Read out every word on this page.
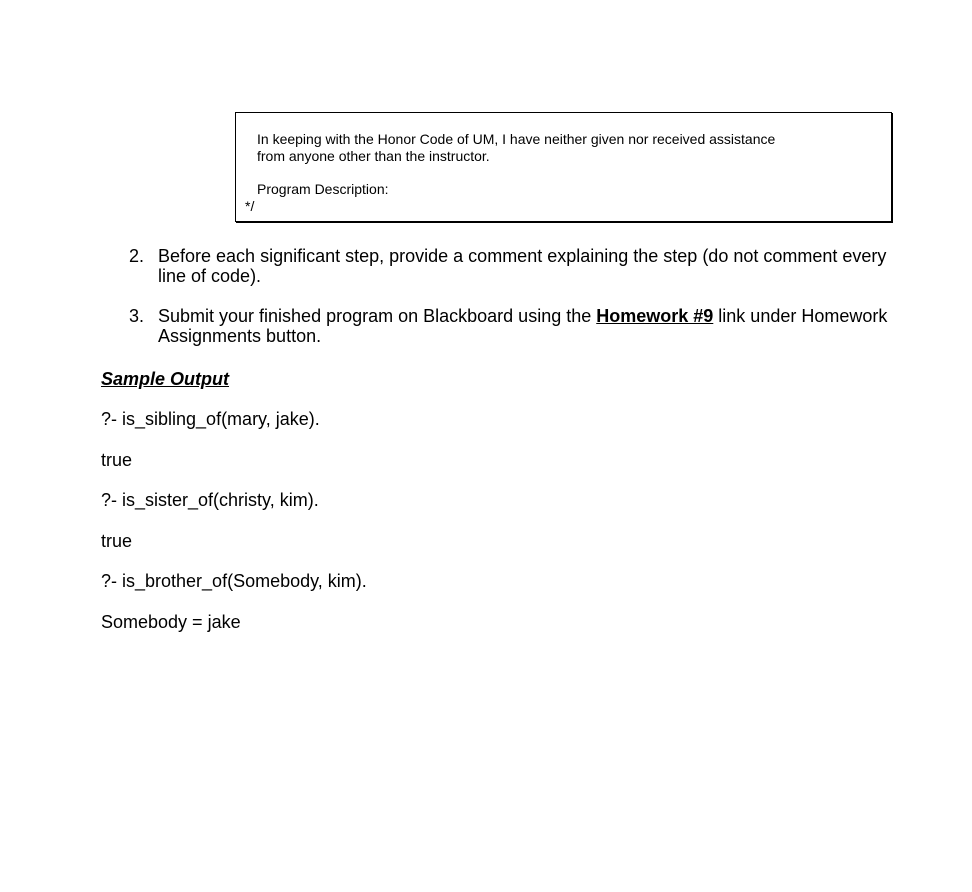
In keeping with the Honor Code of UM, I have neither given nor received assistance
from anyone other than the instructor.
Program Description:
*/
2. Before each significant step, provide a comment explaining the step (do not comment every
line of code).
3. Submit your finished program on Blackboard using the Homework #9 link under Homework
Assignments button.
Sample Output
?- is_sibling_of(mary, jake).
true
?- is_sister_of(christy, kim).
true
?- is_brother_of(Somebody, kim).
Somebody = jake
